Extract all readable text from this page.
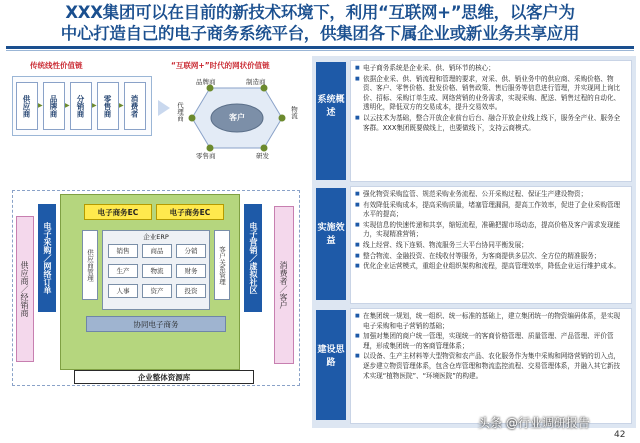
XXX集团可以在目前的新技术环境下，利用“互联网+”思维，以客户为
中心打造自己的电子商务系统平台，供集团各下属企业或新业务共享应用
传统线性价值链	“互联网+”时代的网状价值链
客户
品牌商	制造商
代理商	物流
零售商	研发
供应商	▶ 品牌商	▶ 分销商	▶ 零售商	▶ 消费者
供应商／经销商	电子采购／网络订单
电子商务EC	电子商务EC
供应商管理
企业ERP
客户关系管理
协同电子商务
电子营销／虚拟社区	消费者／客户
企业整体资源库
销售	商品	分销
生产	物流	财务
人事	资产	投资
系统概述
■ 电子商务系统是企业采、供、销环节的核心；
■ 依据企业采、供、销流程和管理的要求，对采、供、销业务中的供应商、采购价格、物资、客户、零售价格、批发价格、销售政策、售后服务等信息进行管理，并实现网上询比价、招标、采购订单生成、网络营销的业务需求，实现采购、配送、销售过程的自动化、透明化，降低双方的交易成本，提升交易效率。
■ 以云技术为基础，整合开放企业前台后台、融合开放企业线上线下，服务全产业、服务全客群。XXX集团既要做线上，也要做线下，支持云商模式。
实施效益
■ 强化物资采购监管、规范采购业务流程、公开采购过程、保证生产建设物资；
■ 有效降低采购成本，提高采购质量，堵塞管理漏洞，提高工作效率，促进了企业采购管理水平的提高；
■ 实现信息的快速传递和共享，缩短流程，准确把握市场动态，提高价格及客户需求发现能力，实现精准营销；
■ 线上经营、线下连锁、物流服务三大平台协同平衡发展；
■ 整合物流、金融投资、在线收付等服务，为客商提供多层次、全方位的精准服务；
■ 优化企业运营模式，重组企业组织架构和流程，提高管理效率，降低企业运行维护成本。
建设思路
■ 在集团统一规划，统一组织、统一标准的基础上，建立集团统一的物资编码体系，是实现电子采购和电子营销的基础；
■ 加强对集团的商户统一管理，实现统一的客商价格管理、质量管理、产品管理、评价管理，形成集团统一的客商管理体系；
■ 以设备、生产主材料等大型物资和农产品、农化服务作为集中采购和网络营销的切入点，逐步建立物资管理体系，包含仓库管理和物流监控流程、交易管理体系，并融入其它新技术实现“植物医院”、“环境医院”的构建。
头条 @行业调研报告
42
